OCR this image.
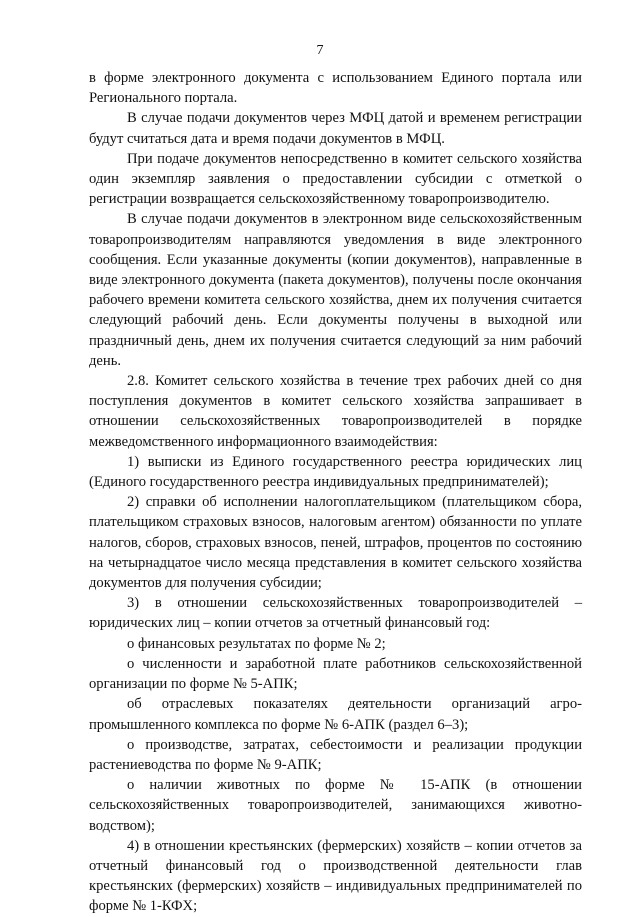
7

в форме электронного документа с использованием Единого портала или Регионального портала.

В случае подачи документов через МФЦ датой и временем регистрации будут считаться дата и время подачи документов в МФЦ.

При подаче документов непосредственно в комитет сельского хозяйства один экземпляр заявления о предоставлении субсидии с отметкой о регистрации возвращается сельскохозяйственному товаропроизводителю.

В случае подачи документов в электронном виде сельскохозяйственным товаропроизводителям направляются уведомления в виде электронного сообщения. Если указанные документы (копии документов), направленные в виде электронного документа (пакета документов), получены после окончания рабочего времени комитета сельского хозяйства, днем их получения считается следующий рабочий день. Если документы получены в выходной или праздничный день, днем их получения считается следующий за ним рабочий день.

2.8. Комитет сельского хозяйства в течение трех рабочих дней со дня поступления документов в комитет сельского хозяйства запрашивает в отношении сельскохозяйственных товаропроизводителей в порядке межведомственного информационного взаимодействия:

1) выписки из Единого государственного реестра юридических лиц (Единого государственного реестра индивидуальных предпринимателей);

2) справки об исполнении налогоплательщиком (плательщиком сбора, плательщиком страховых взносов, налоговым агентом) обязанности по уплате налогов, сборов, страховых взносов, пеней, штрафов, процентов по состоянию на четырнадцатое число месяца представления в комитет сельского хозяйства документов для получения субсидии;

3) в отношении сельскохозяйственных товаропроизводителей – юридических лиц – копии отчетов за отчетный финансовый год:

о финансовых результатах по форме № 2;

о численности и заработной плате работников сельскохозяйственной организации по форме № 5-АПК;

об отраслевых показателях деятельности организаций агропромышленного комплекса по форме № 6-АПК (раздел 6–3);

о производстве, затратах, себестоимости и реализации продукции растениеводства по форме № 9-АПК;

о наличии животных по форме № 15-АПК (в отношении сельскохозяйственных товаропроизводителей, занимающихся животноводством);

4) в отношении крестьянских (фермерских) хозяйств – копии отчетов за отчетный финансовый год о производственной деятельности глав крестьянских (фермерских) хозяйств – индивидуальных предпринимателей по форме № 1-КФХ;
